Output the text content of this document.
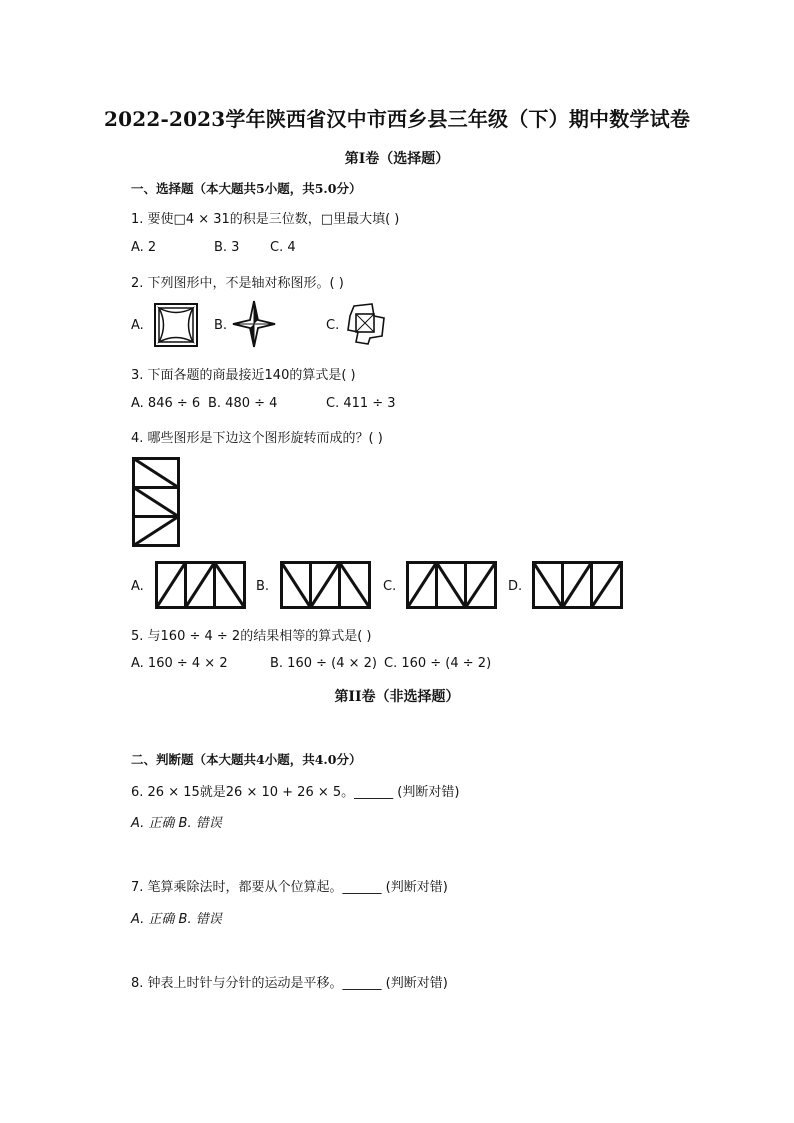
2022-2023学年陕西省汉中市西乡县三年级（下）期中数学试卷
第I卷（选择题）
一、选择题（本大题共5小题，共5.0分）
1. 要使□4 × 31的积是三位数，□里最大填( )
A. 2	B. 3 C. 4
2. 下列图形中，不是轴对称图形。( )
A.	B.	C.
3. 下面各题的商最接近140的算式是( )
A. 846 ÷ 6 B. 480 ÷ 4	C. 411 ÷ 3
4. 哪些图形是下边这个图形旋转而成的？( )
A.	B.	C.	D.
5. 与160 ÷ 4 ÷ 2的结果相等的算式是( )
A. 160 ÷ 4 × 2	B. 160 ÷ (4 × 2) C. 160 ÷ (4 ÷ 2)
第II卷（非选择题）
二、判断题（本大题共4小题，共4.0分）
6. 26 × 15就是26 × 10 + 26 × 5。______ (判断对错)
A. 正确 B. 错误
7. 笔算乘除法时，都要从个位算起。______ (判断对错)
A. 正确 B. 错误
8. 钟表上时针与分针的运动是平移。______ (判断对错)
